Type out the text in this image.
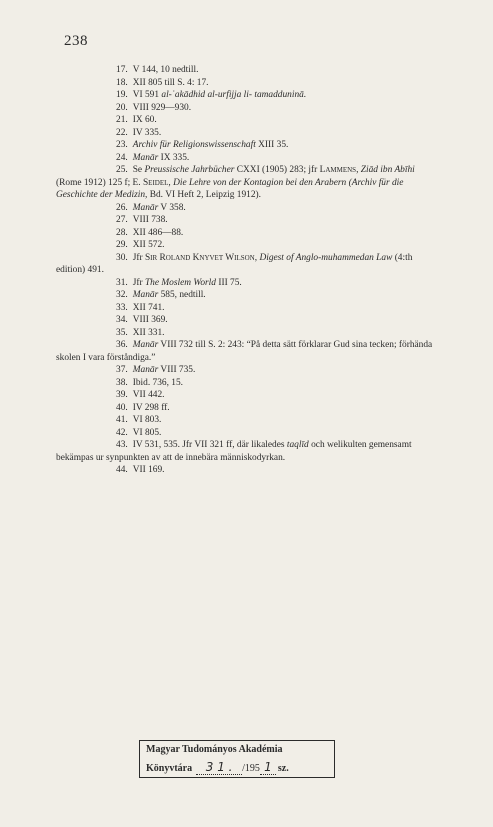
238
17. V 144, 10 nedtill.
18. XII 805 till S. 4: 17.
19. VI 591 al-ʿakādhid al-urfijja li- tamadduninā.
20. VIII 929—930.
21. IX 60.
22. IV 335.
23. Archiv für Religionswissenschaft XIII 35.
24. Manār IX 335.
25. Se Preussische Jahrbücher CXXI (1905) 283; jfr Lammens, Ziād ibn Abīhi (Rome 1912) 125 f; E. Seidel, Die Lehre von der Kontagion bei den Arabern (Archiv für die Geschichte der Medizin, Bd. VI Heft 2, Leipzig 1912).
26. Manār V 358.
27. VIII 738.
28. XII 486—88.
29. XII 572.
30. Jfr Sir Roland Knyvet Wilson, Digest of Anglo-muhammedan Law (4:th edition) 491.
31. Jfr The Moslem World III 75.
32. Manār 585, nedtill.
33. XII 741.
34. VIII 369.
35. XII 331.
36. Manār VIII 732 till S. 2: 243: “På detta sätt förklarar Gud sina tecken; förhända skolen I vara förståndiga.”
37. Manār VIII 735.
38. Ibid. 736, 15.
39. VII 442.
40. IV 298 ff.
41. VI 803.
42. VI 805.
43. IV 531, 535. Jfr VII 321 ff, där likaledes taqlīd och welikulten gemensamt bekämpas ur synpunkten av att de innebära människodyrkan.
44. VII 169.
Magyar Tudományos Akadémia
Könyvtára	3 1 . /195 1 sz.
